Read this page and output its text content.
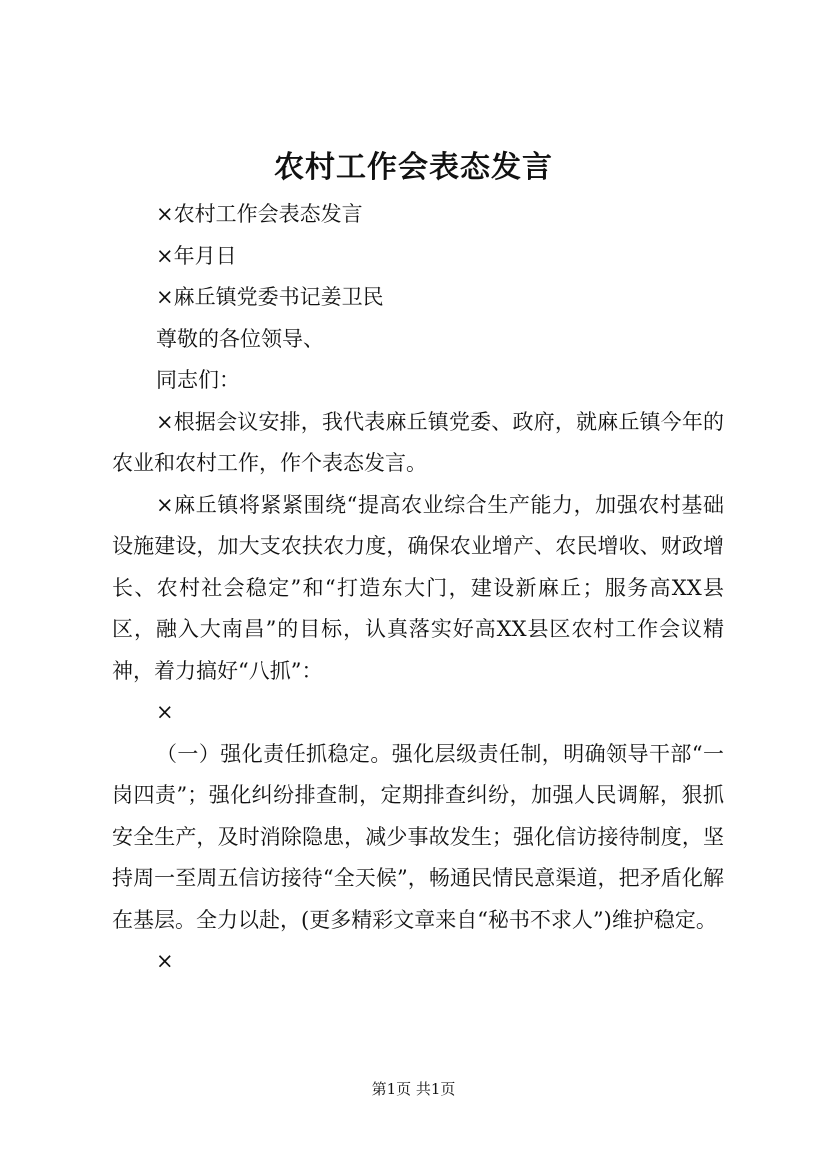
农村工作会表态发言

×农村工作会表态发言

×年月日

×麻丘镇党委书记姜卫民

尊敬的各位领导、

同志们：

×根据会议安排，我代表麻丘镇党委、政府，就麻丘镇今年的农业和农村工作，作个表态发言。

×麻丘镇将紧紧围绕“提高农业综合生产能力，加强农村基础设施建设，加大支农扶农力度，确保农业增产、农民增收、财政增长、农村社会稳定”和“打造东大门，建设新麻丘；服务高XX县区，融入大南昌”的目标，认真落实好高XX县区农村工作会议精神，着力搞好“八抓”：

×

（一）强化责任抓稳定。强化层级责任制，明确领导干部“一岗四责”；强化纠纷排查制，定期排查纠纷，加强人民调解，狠抓安全生产，及时消除隐患，减少事故发生；强化信访接待制度，坚持周一至周五信访接待“全天候”，畅通民情民意渠道，把矛盾化解在基层。全力以赴，(更多精彩文章来自“秘书不求人”)维护稳定。

×

第1页 共1页
